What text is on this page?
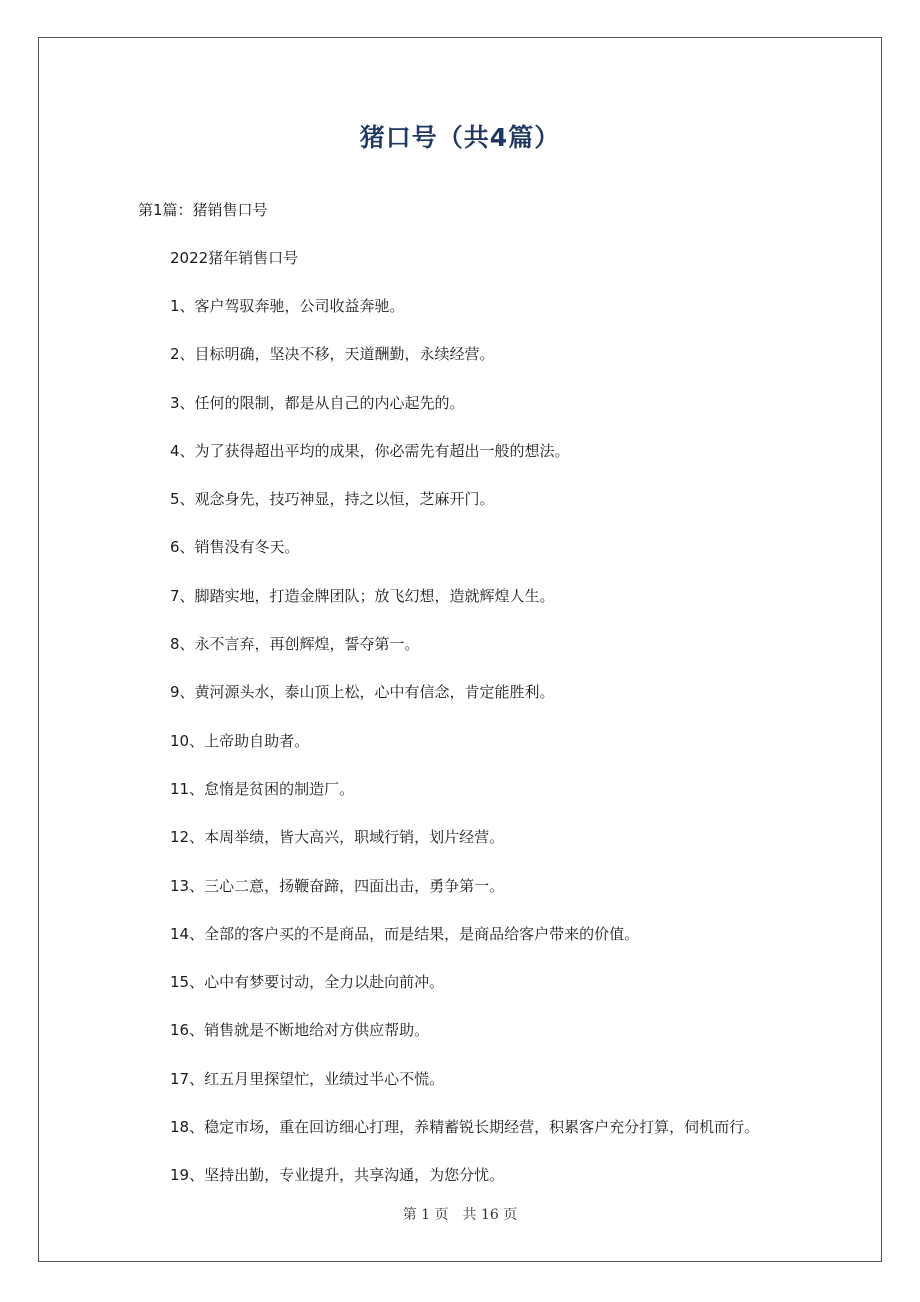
猪口号（共4篇）

第1篇：猪销售口号

2022猪年销售口号

1、客户驾驭奔驰，公司收益奔驰。
2、目标明确，坚决不移，天道酬勤，永续经营。
3、任何的限制，都是从自己的内心起先的。
4、为了获得超出平均的成果，你必需先有超出一般的想法。
5、观念身先，技巧神显，持之以恒，芝麻开门。
6、销售没有冬天。
7、脚踏实地，打造金牌团队；放飞幻想，造就辉煌人生。
8、永不言弃，再创辉煌，誓夺第一。
9、黄河源头水，泰山顶上松，心中有信念，肯定能胜利。
10、上帝助自助者。
11、怠惰是贫困的制造厂。
12、本周举绩，皆大高兴，职域行销，划片经营。
13、三心二意，扬鞭奋蹄，四面出击，勇争第一。
14、全部的客户买的不是商品，而是结果，是商品给客户带来的价值。
15、心中有梦要讨动，全力以赴向前冲。
16、销售就是不断地给对方供应帮助。
17、红五月里探望忙，业绩过半心不慌。
18、稳定市场，重在回访细心打理，养精蓄锐长期经营，积累客户充分打算，伺机而行。
19、坚持出勤，专业提升，共享沟通，为您分忧。

第 1 页　共 16 页
